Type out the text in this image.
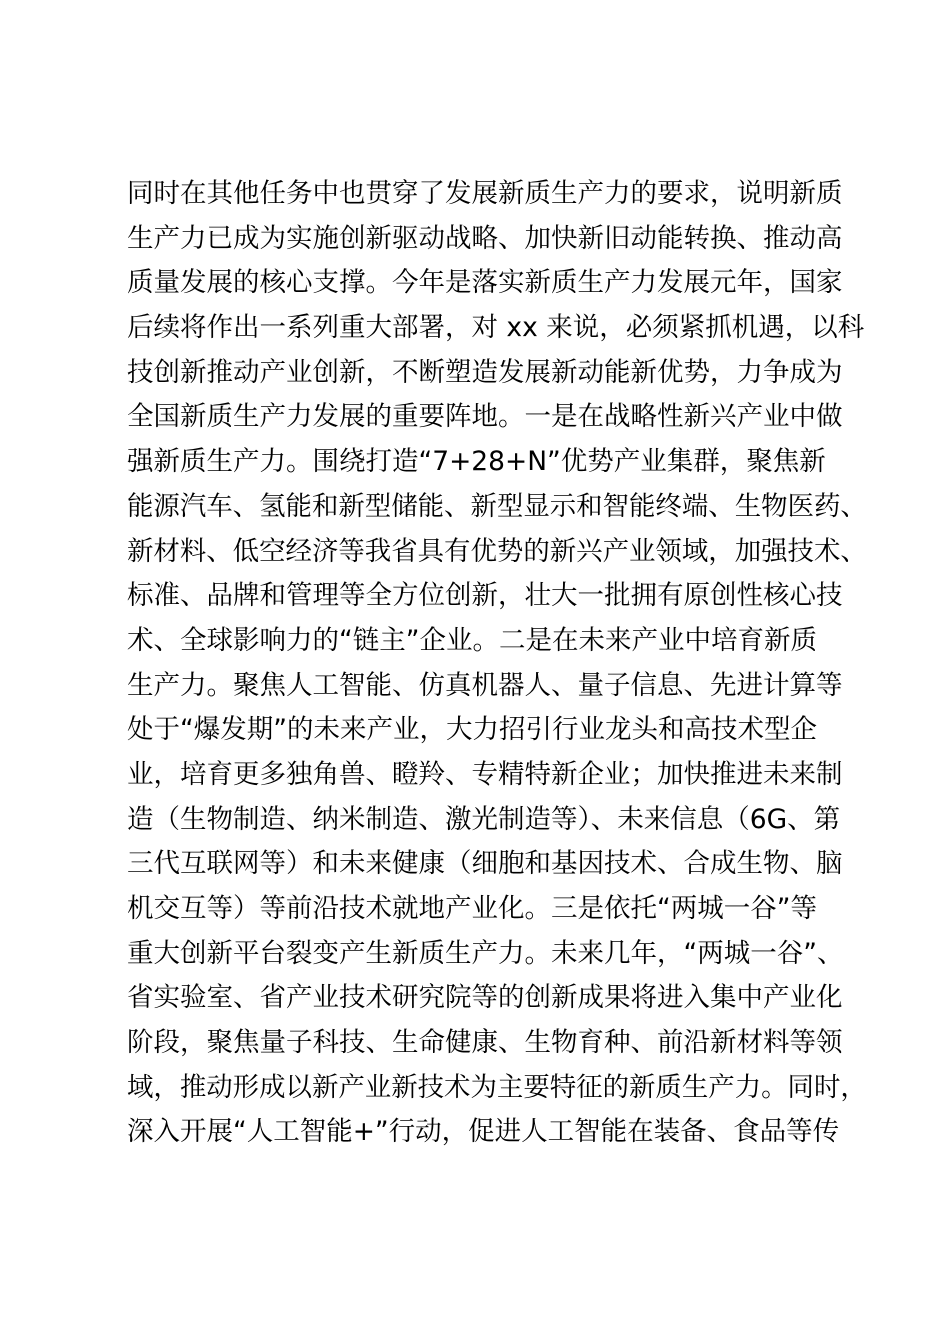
同时在其他任务中也贯穿了发展新质生产力的要求，说明新质
生产力已成为实施创新驱动战略、加快新旧动能转换、推动高
质量发展的核心支撑。今年是落实新质生产力发展元年，国家
后续将作出一系列重大部署，对 xx 来说，必须紧抓机遇，以科
技创新推动产业创新，不断塑造发展新动能新优势，力争成为
全国新质生产力发展的重要阵地。一是在战略性新兴产业中做
强新质生产力。围绕打造“7+28+N”优势产业集群，聚焦新
能源汽车、氢能和新型储能、新型显示和智能终端、生物医药、
新材料、低空经济等我省具有优势的新兴产业领域，加强技术、
标准、品牌和管理等全方位创新，壮大一批拥有原创性核心技
术、全球影响力的“链主”企业。二是在未来产业中培育新质
生产力。聚焦人工智能、仿真机器人、量子信息、先进计算等
处于“爆发期”的未来产业，大力招引行业龙头和高技术型企
业，培育更多独角兽、瞪羚、专精特新企业；加快推进未来制
造（生物制造、纳米制造、激光制造等）、未来信息（6G、第
三代互联网等）和未来健康（细胞和基因技术、合成生物、脑
机交互等）等前沿技术就地产业化。三是依托“两城一谷”等
重大创新平台裂变产生新质生产力。未来几年，“两城一谷”、
省实验室、省产业技术研究院等的创新成果将进入集中产业化
阶段，聚焦量子科技、生命健康、生物育种、前沿新材料等领
域，推动形成以新产业新技术为主要特征的新质生产力。同时，
深入开展“人工智能+”行动，促进人工智能在装备、食品等传
